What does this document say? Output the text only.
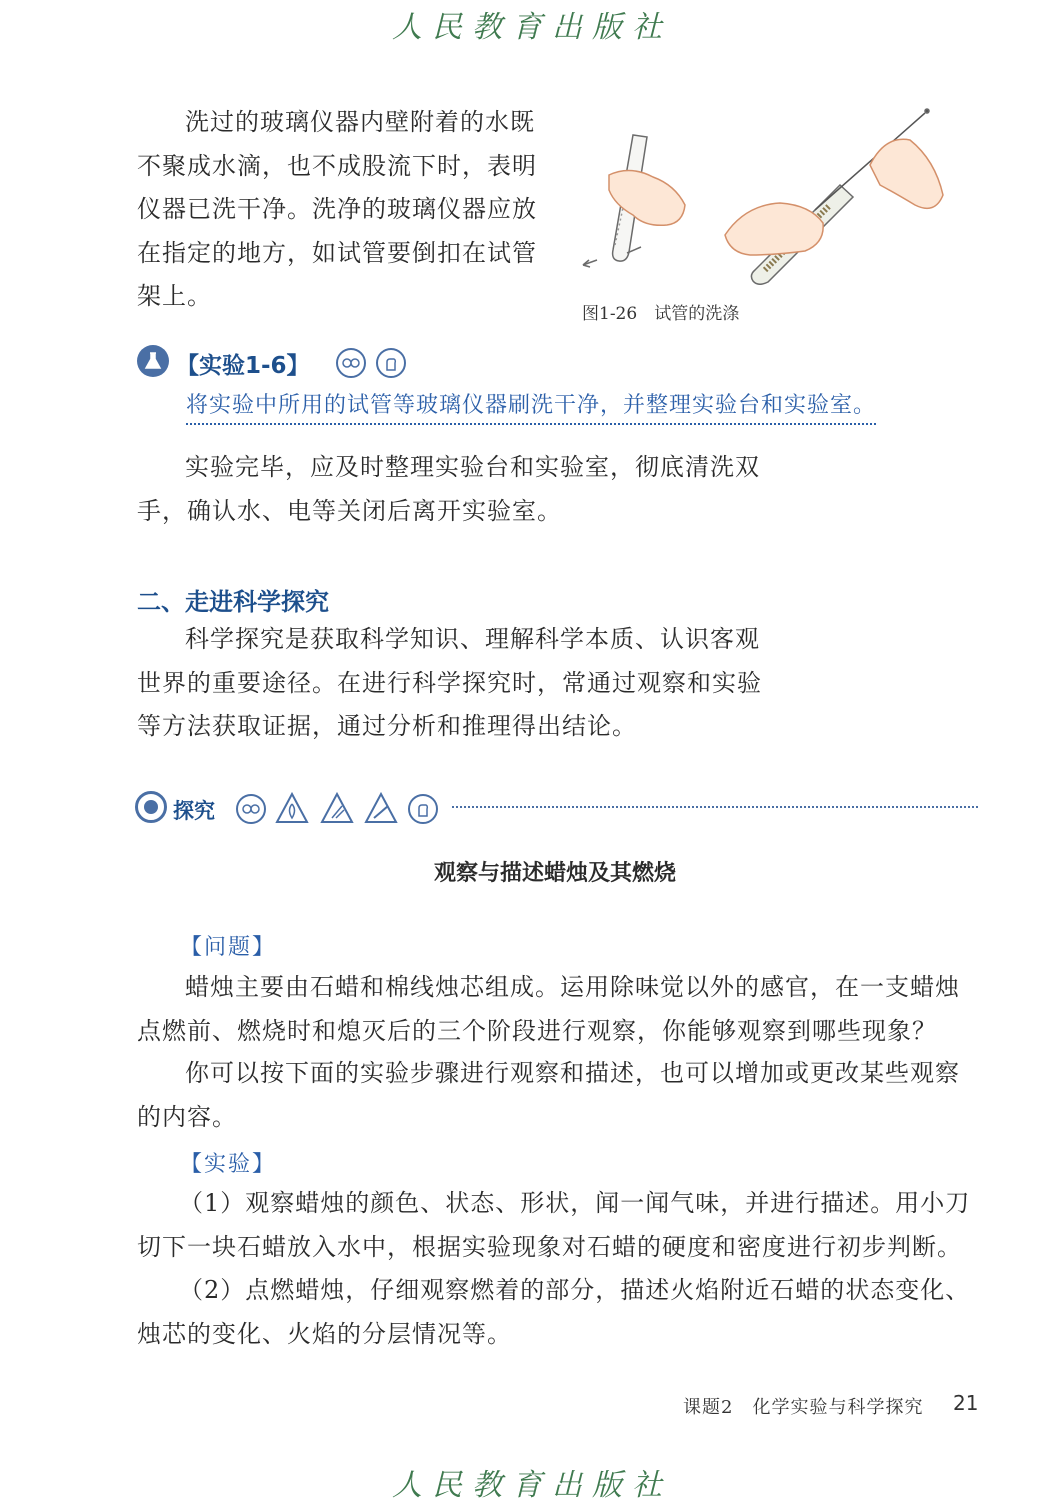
人民教育出版社

洗过的玻璃仪器内壁附着的水既不聚成水滴，也不成股流下时，表明仪器已洗干净。洗净的玻璃仪器应放在指定的地方，如试管要倒扣在试管架上。

图1-26　试管的洗涤
【实验1-6】
将实验中所用的试管等玻璃仪器刷洗干净，并整理实验台和实验室。

实验完毕，应及时整理实验台和实验室，彻底清洗双手，确认水、电等关闭后离开实验室。

二、走进科学探究

科学探究是获取科学知识、理解科学本质、认识客观世界的重要途径。在进行科学探究时，常通过观察和实验等方法获取证据，通过分析和推理得出结论。

探究
观察与描述蜡烛及其燃烧
【问题】

蜡烛主要由石蜡和棉线烛芯组成。运用除味觉以外的感官，在一支蜡烛点燃前、燃烧时和熄灭后的三个阶段进行观察，你能够观察到哪些现象？

你可以按下面的实验步骤进行观察和描述，也可以增加或更改某些观察的内容。

【实验】

（1）观察蜡烛的颜色、状态、形状，闻一闻气味，并进行描述。用小刀切下一块石蜡放入水中，根据实验现象对石蜡的硬度和密度进行初步判断。

（2）点燃蜡烛，仔细观察燃着的部分，描述火焰附近石蜡的状态变化、烛芯的变化、火焰的分层情况等。

课题2　化学实验与科学探究 21
人民教育出版社
